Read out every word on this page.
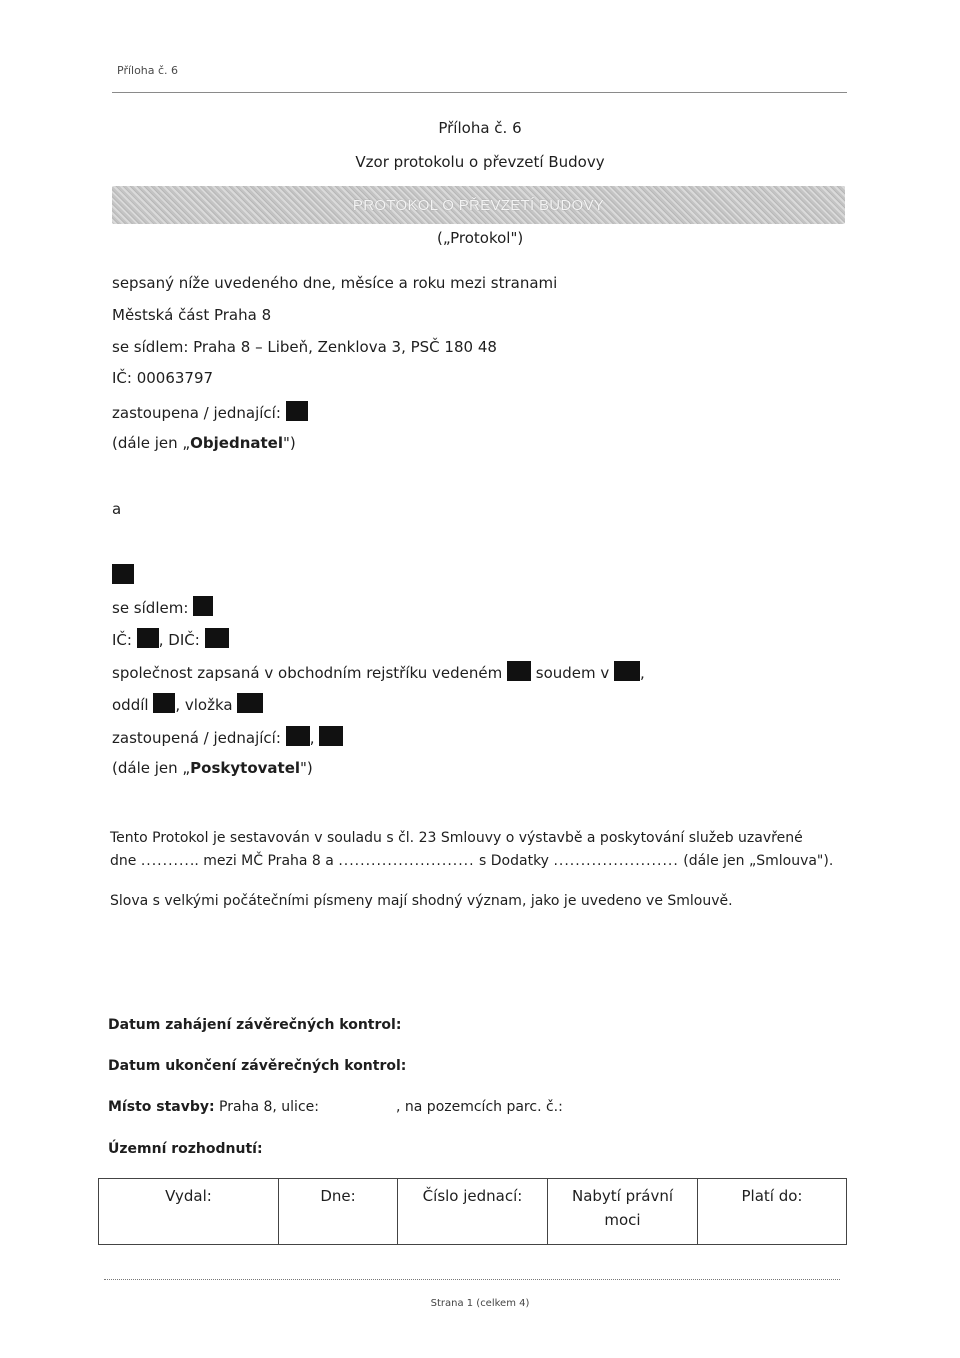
Příloha č. 6
Příloha č. 6
Vzor protokolu o převzetí Budovy
PROTOKOL O PŘEVZETÍ BUDOVY
(„Protokol")
sepsaný níže uvedeného dne, měsíce a roku mezi stranami
Městská část Praha 8
se sídlem: Praha 8 – Libeň, Zenklova 3, PSČ 180 48
IČ: 00063797
zastoupena / jednající:
(dále jen „Objednatel")
a
se sídlem:
IČ: , DIČ:
společnost zapsaná v obchodním rejstříku vedeném soudem v ,
oddíl , vložka
zastoupená / jednající: ,
(dále jen „Poskytovatel")
Tento Protokol je sestavován v souladu s čl. 23 Smlouvy o výstavbě a poskytování služeb uzavřené
dne ........... mezi MČ Praha 8 a ......................... s Dodatky ....................... (dále jen „Smlouva").
Slova s velkými počátečními písmeny mají shodný význam, jako je uvedeno ve Smlouvě.
Datum zahájení závěrečných kontrol:
Datum ukončení závěrečných kontrol:
Místo stavby: Praha 8, ulice:	, na pozemcích parc. č.:
Územní rozhodnutí:
Vydal:	Dne:	Číslo jednací:	Nabytí právní moci	Platí do:
Strana 1 (celkem 4)
